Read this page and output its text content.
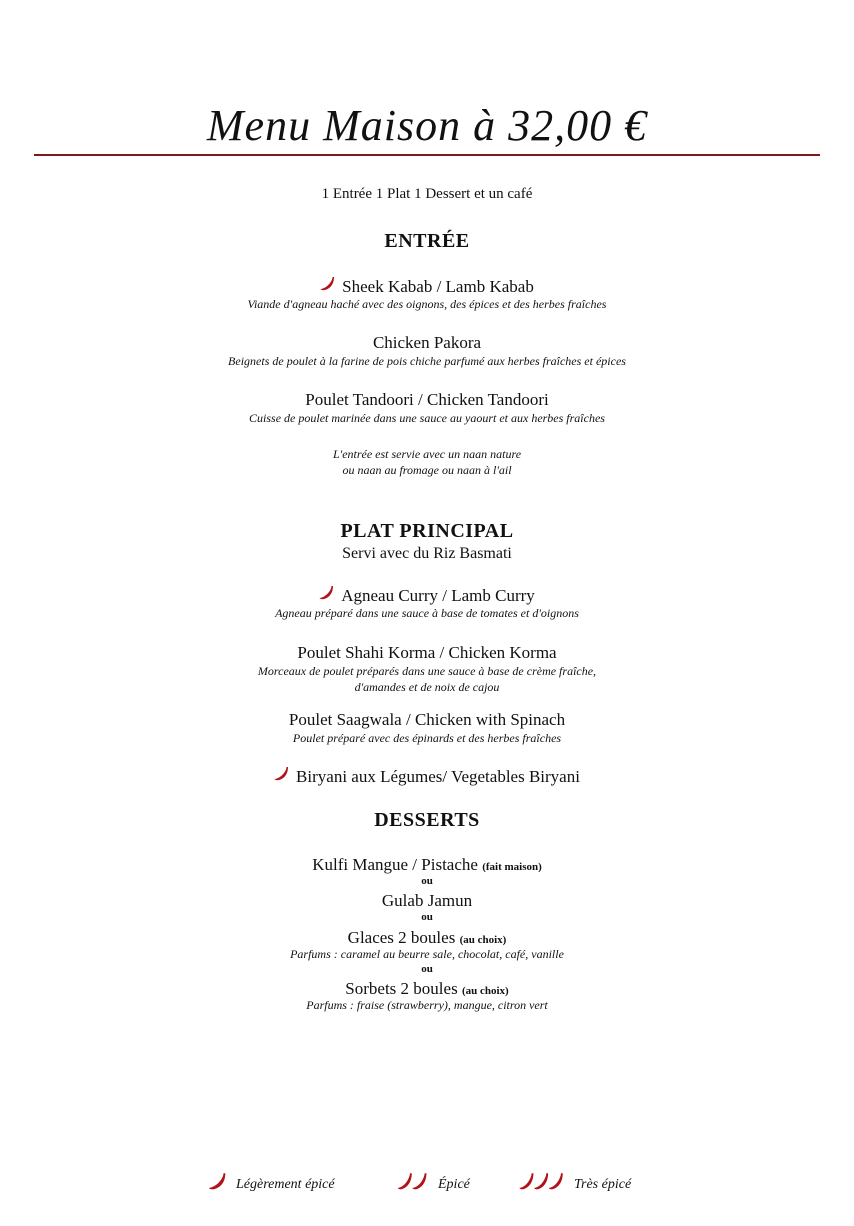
Menu Maison à 32,00 €
1 Entrée 1 Plat 1 Dessert et un café
ENTRÉE
Sheek Kabab / Lamb Kabab
Viande d'agneau haché avec des oignons, des épices et des herbes fraîches
Chicken Pakora
Beignets de poulet à la farine de pois chiche parfumé aux herbes fraîches et épices
Poulet Tandoori / Chicken Tandoori
Cuisse de poulet marinée dans une sauce au yaourt et aux herbes fraîches
L'entrée est servie avec un naan nature
ou naan au fromage ou naan à l'ail
PLAT PRINCIPAL
Servi avec du Riz Basmati
Agneau Curry / Lamb Curry
Agneau préparé dans une sauce à base de tomates et d'oignons
Poulet Shahi Korma / Chicken Korma
Morceaux de poulet préparés dans une sauce à base de crème fraîche,
d'amandes et de noix de cajou
Poulet Saagwala / Chicken with Spinach
Poulet préparé avec des épinards et des herbes fraîches
Biryani aux Légumes/ Vegetables Biryani
DESSERTS
Kulfi Mangue / Pistache (fait maison)
ou
Gulab Jamun
ou
Glaces 2 boules (au choix)
Parfums : caramel au beurre sale, chocolat, café, vanille
ou
Sorbets 2 boules (au choix)
Parfums : fraise (strawberry), mangue, citron vert
Légèrement épicé	Épicé	Très épicé
